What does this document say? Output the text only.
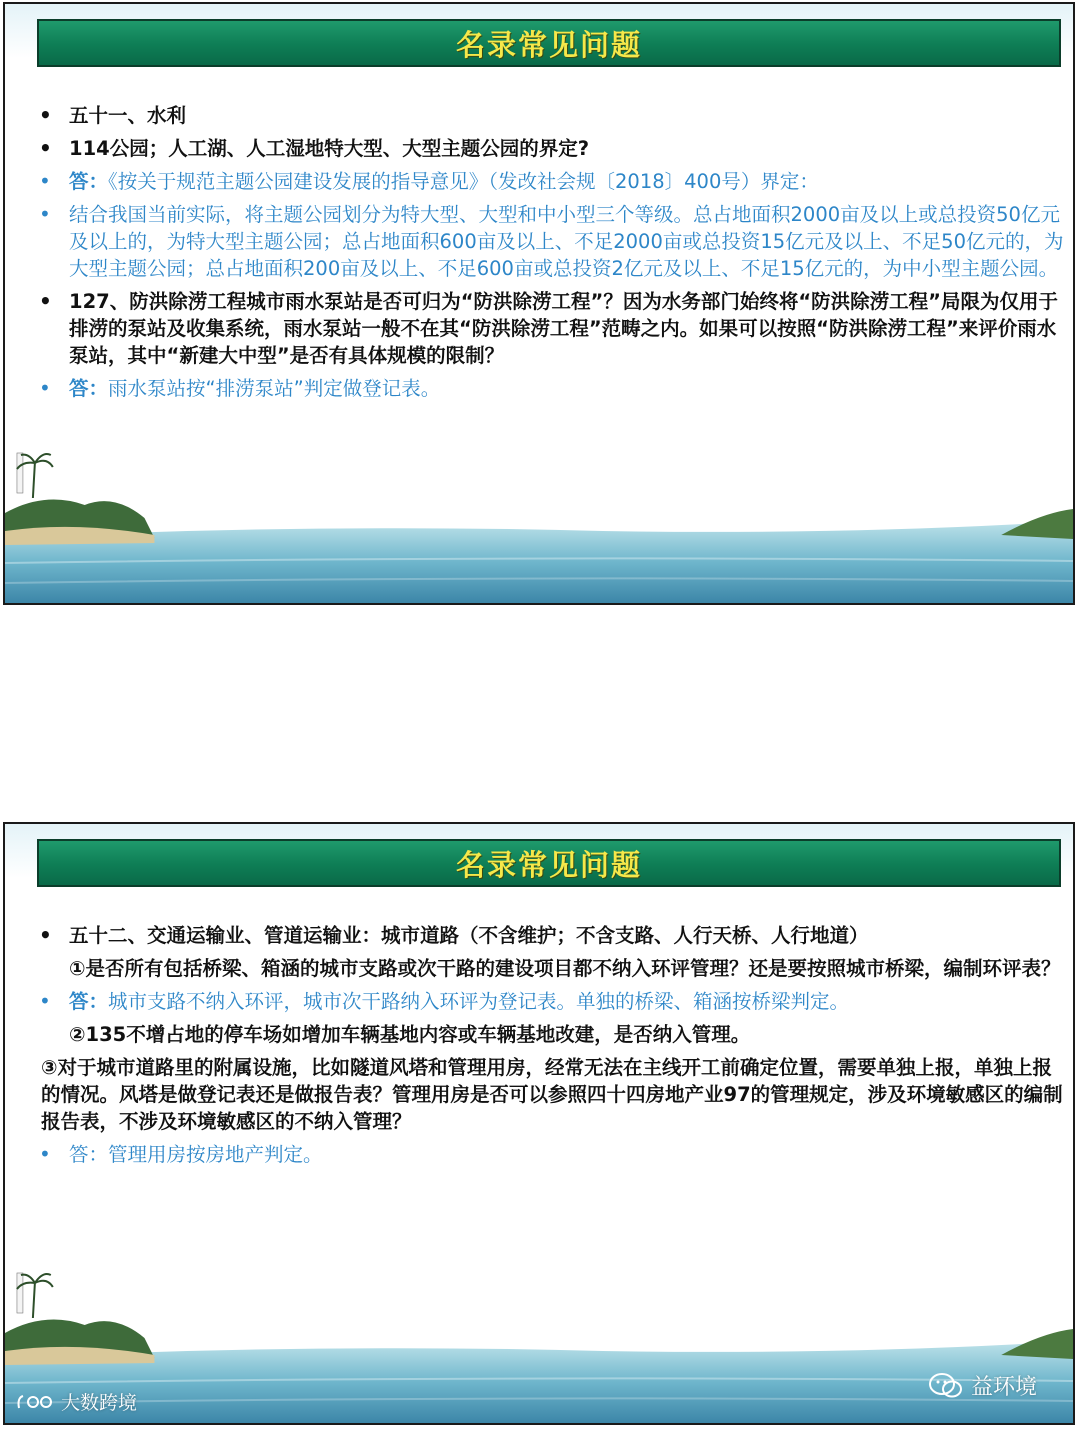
名录常见问题
• 五十一、水利
• 114公园；人工湖、人工湿地特大型、大型主题公园的界定?
• 答：《按关于规范主题公园建设发展的指导意见》（发改社会规〔2018〕400号）界定：
• 结合我国当前实际，将主题公园划分为特大型、大型和中小型三个等级。总占地面积2000亩及以上或总投资50亿元及以上的，为特大型主题公园；总占地面积600亩及以上、不足2000亩或总投资15亿元及以上、不足50亿元的，为大型主题公园；总占地面积200亩及以上、不足600亩或总投资2亿元及以上、不足15亿元的，为中小型主题公园。
• 127、防洪除涝工程城市雨水泵站是否可归为“防洪除涝工程”？因为水务部门始终将“防洪除涝工程”局限为仅用于排涝的泵站及收集系统，雨水泵站一般不在其“防洪除涝工程”范畴之内。如果可以按照“防洪除涝工程”来评价雨水泵站，其中“新建大中型”是否有具体规模的限制？
• 答：雨水泵站按“排涝泵站”判定做登记表。
名录常见问题
• 五十二、交通运输业、管道运输业：城市道路（不含维护；不含支路、人行天桥、人行地道）
①是否所有包括桥梁、箱涵的城市支路或次干路的建设项目都不纳入环评管理？还是要按照城市桥梁，编制环评表？
• 答：城市支路不纳入环评，城市次干路纳入环评为登记表。单独的桥梁、箱涵按桥梁判定。
②135不增占地的停车场如增加车辆基地内容或车辆基地改建，是否纳入管理。
③对于城市道路里的附属设施，比如隧道风塔和管理用房，经常无法在主线开工前确定位置，需要单独上报，单独上报的情况。风塔是做登记表还是做报告表？管理用房是否可以参照四十四房地产业97的管理规定，涉及环境敏感区的编制报告表，不涉及环境敏感区的不纳入管理？
• 答：管理用房按房地产判定。
益环境
大数跨境
